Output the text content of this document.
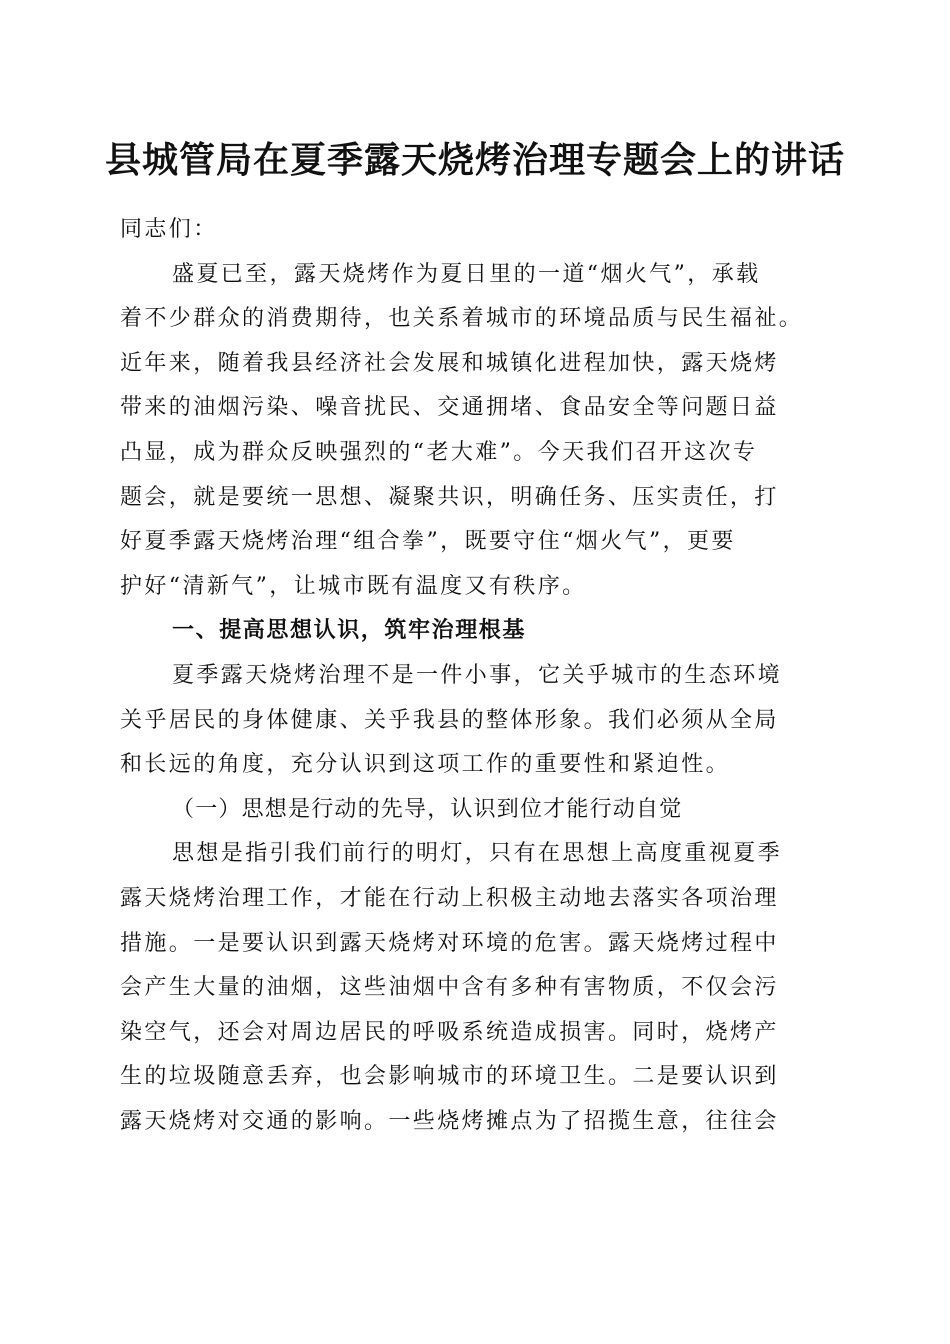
县城管局在夏季露天烧烤治理专题会上的讲话

同志们：

盛夏已至，露天烧烤作为夏日里的一道“烟火气”，承载
着不少群众的消费期待，也关系着城市的环境品质与民生福祉。
近年来，随着我县经济社会发展和城镇化进程加快，露天烧烤
带来的油烟污染、噪音扰民、交通拥堵、食品安全等问题日益
凸显，成为群众反映强烈的“老大难”。今天我们召开这次专
题会，就是要统一思想、凝聚共识，明确任务、压实责任，打
好夏季露天烧烤治理“组合拳”，既要守住“烟火气”，更要
护好“清新气”，让城市既有温度又有秩序。

一、提高思想认识，筑牢治理根基

夏季露天烧烤治理不是一件小事，它关乎城市的生态环境
关乎居民的身体健康、关乎我县的整体形象。我们必须从全局
和长远的角度，充分认识到这项工作的重要性和紧迫性。

（一）思想是行动的先导，认识到位才能行动自觉

思想是指引我们前行的明灯，只有在思想上高度重视夏季
露天烧烤治理工作，才能在行动上积极主动地去落实各项治理
措施。一是要认识到露天烧烤对环境的危害。露天烧烤过程中
会产生大量的油烟，这些油烟中含有多种有害物质，不仅会污
染空气，还会对周边居民的呼吸系统造成损害。同时，烧烤产
生的垃圾随意丢弃，也会影响城市的环境卫生。二是要认识到
露天烧烤对交通的影响。一些烧烤摊点为了招揽生意，往往会
